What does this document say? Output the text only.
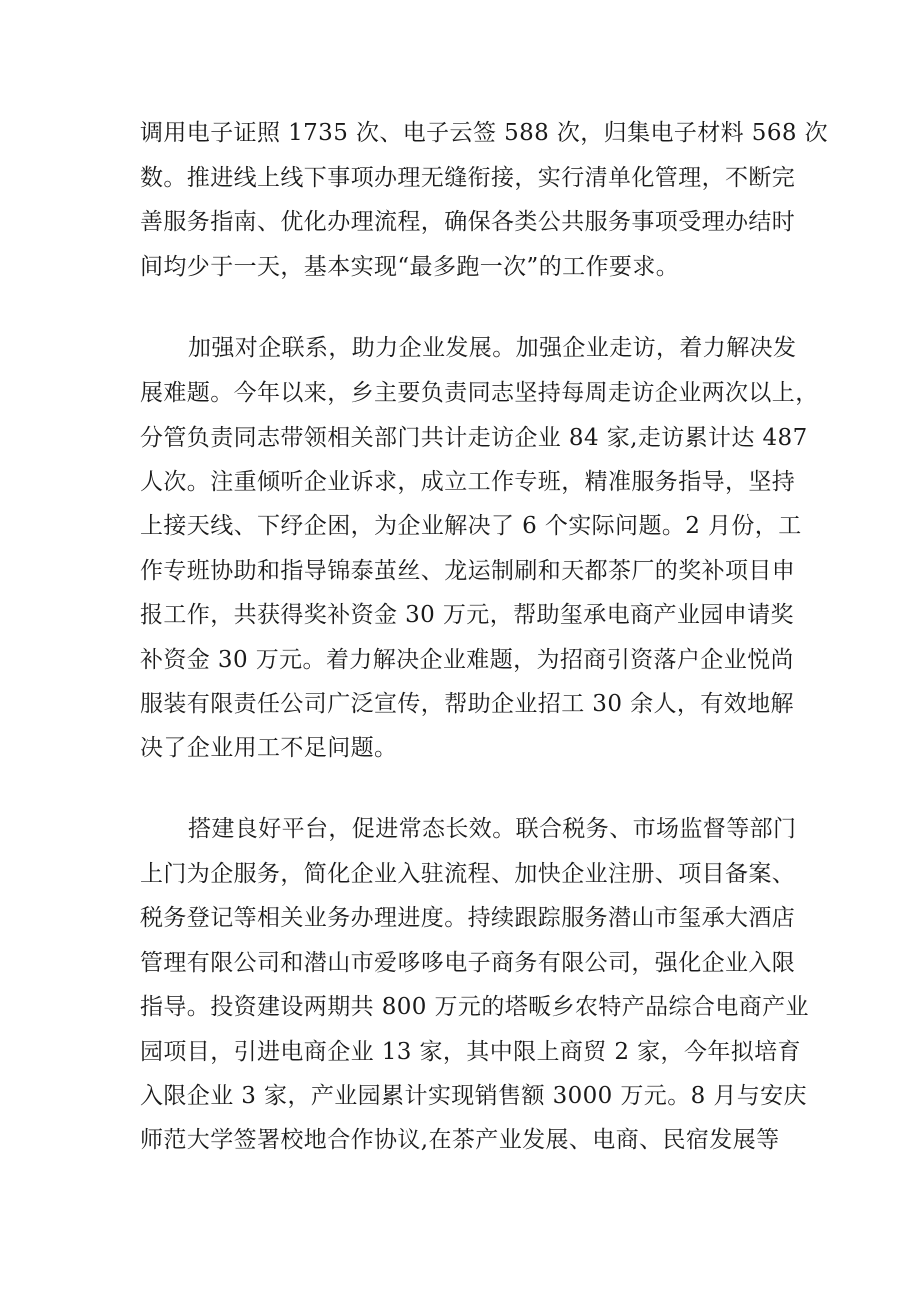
调用电子证照 1735 次、电子云签 588 次，归集电子材料 568 次

数。推进线上线下事项办理无缝衔接，实行清单化管理，不断完

善服务指南、优化办理流程，确保各类公共服务事项受理办结时

间均少于一天，基本实现“最多跑一次”的工作要求。

加强对企联系，助力企业发展。加强企业走访，着力解决发

展难题。今年以来，乡主要负责同志坚持每周走访企业两次以上，

分管负责同志带领相关部门共计走访企业 84 家,走访累计达 487

人次。注重倾听企业诉求，成立工作专班，精准服务指导，坚持

上接天线、下纾企困，为企业解决了 6 个实际问题。2 月份，工

作专班协助和指导锦泰茧丝、龙运制刷和天都茶厂的奖补项目申

报工作，共获得奖补资金 30 万元，帮助玺承电商产业园申请奖

补资金 30 万元。着力解决企业难题，为招商引资落户企业悦尚

服装有限责任公司广泛宣传，帮助企业招工 30 余人，有效地解

决了企业用工不足问题。

搭建良好平台，促进常态长效。联合税务、市场监督等部门

上门为企服务，简化企业入驻流程、加快企业注册、项目备案、

税务登记等相关业务办理进度。持续跟踪服务潜山市玺承大酒店

管理有限公司和潜山市爱哆哆电子商务有限公司，强化企业入限

指导。投资建设两期共 800 万元的塔畈乡农特产品综合电商产业

园项目，引进电商企业 13 家，其中限上商贸 2 家，今年拟培育

入限企业 3 家，产业园累计实现销售额 3000 万元。8 月与安庆

师范大学签署校地合作协议,在茶产业发展、电商、民宿发展等
